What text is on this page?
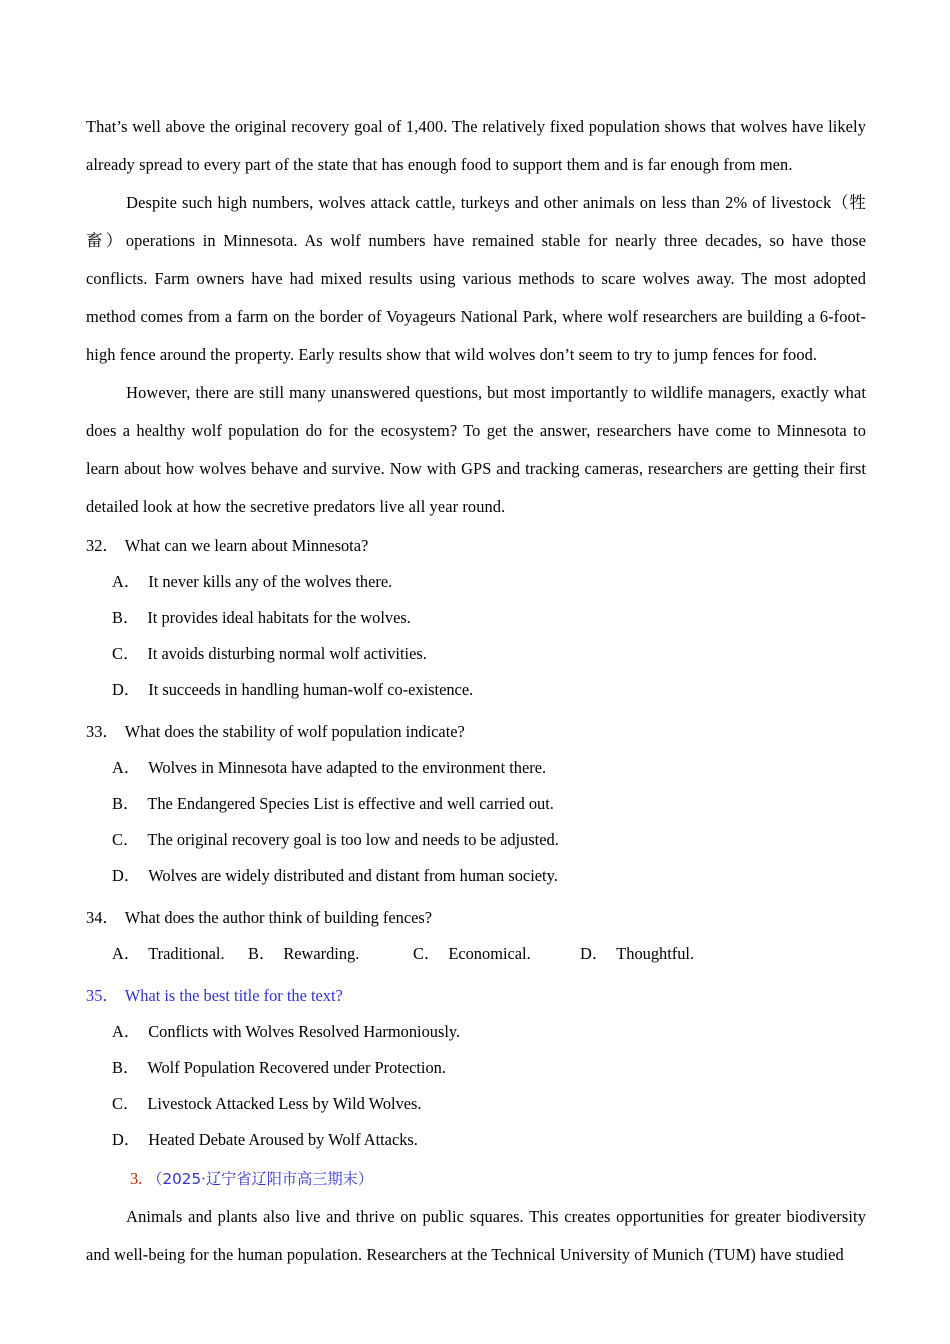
That’s well above the original recovery goal of 1,400. The relatively fixed population shows that wolves have likely already spread to every part of the state that has enough food to support them and is far enough from men.

Despite such high numbers, wolves attack cattle, turkeys and other animals on less than 2% of livestock（牲畜）operations in Minnesota. As wolf numbers have remained stable for nearly three decades, so have those conflicts. Farm owners have had mixed results using various methods to scare wolves away. The most adopted method comes from a farm on the border of Voyageurs National Park, where wolf researchers are building a 6-foot-high fence around the property. Early results show that wild wolves don’t seem to try to jump fences for food.

However, there are still many unanswered questions, but most importantly to wildlife managers, exactly what does a healthy wolf population do for the ecosystem? To get the answer, researchers have come to Minnesota to learn about how wolves behave and survive. Now with GPS and tracking cameras, researchers are getting their first detailed look at how the secretive predators live all year round.

32． What can we learn about Minnesota?
A． It never kills any of the wolves there.
B． It provides ideal habitats for the wolves.
C． It avoids disturbing normal wolf activities.
D． It succeeds in handling human-wolf co-existence.
33． What does the stability of wolf population indicate?
A． Wolves in Minnesota have adapted to the environment there.
B． The Endangered Species List is effective and well carried out.
C． The original recovery goal is too low and needs to be adjusted.
D． Wolves are widely distributed and distant from human society.
34． What does the author think of building fences?
A． Traditional. B． Rewarding.	C． Economical.	D． Thoughtful.
35． What is the best title for the text?
A． Conflicts with Wolves Resolved Harmoniously.
B． Wolf Population Recovered under Protection.
C． Livestock Attacked Less by Wild Wolves.
D． Heated Debate Aroused by Wolf Attacks.

3. （2025·辽宁省辽阳市高三期末）

Animals and plants also live and thrive on public squares. This creates opportunities for greater biodiversity and well-being for the human population. Researchers at the Technical University of Munich (TUM) have studied
